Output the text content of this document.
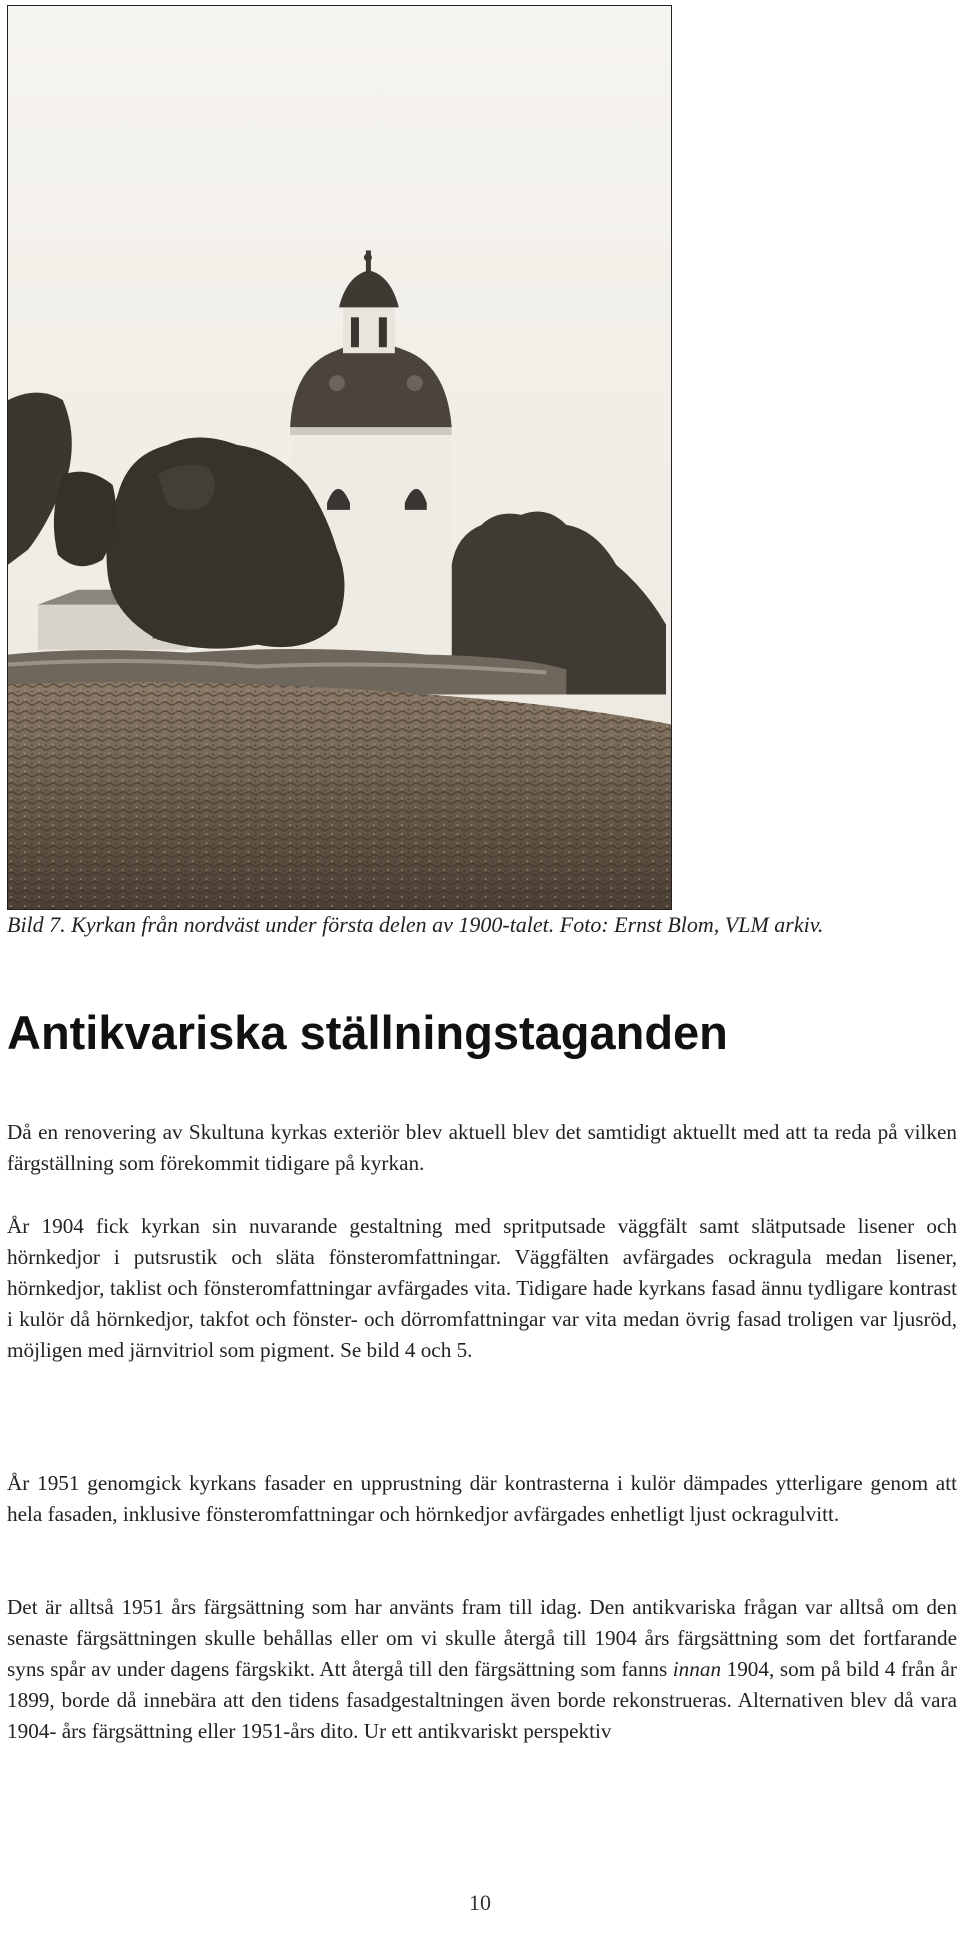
Bild 7. Kyrkan från nordväst under första delen av 1900-talet. Foto: Ernst Blom, VLM arkiv.
Antikvariska ställningstaganden

Då en renovering av Skultuna kyrkas exteriör blev aktuell blev det samtidigt aktuellt med att ta reda på vilken färgställning som förekommit tidigare på kyrkan.

År 1904 fick kyrkan sin nuvarande gestaltning med spritputsade väggfält samt slätputsade lisener och hörnkedjor i putsrustik och släta fönsteromfattningar. Väggfälten avfärgades ockragula medan lisener, hörnkedjor, taklist och fönsteromfattningar avfärgades vita. Tidigare hade kyrkans fasad ännu tydligare kontrast i kulör då hörnkedjor, takfot och fönster- och dörromfattningar var vita medan övrig fasad troligen var ljusröd, möjligen med järnvitriol som pigment. Se bild 4 och 5.

År 1951 genomgick kyrkans fasader en upprustning där kontrasterna i kulör dämpades ytterligare genom att hela fasaden, inklusive fönsteromfattningar och hörnkedjor avfärgades enhetligt ljust ockragulvitt.

Det är alltså 1951 års färgsättning som har använts fram till idag. Den antikvariska frågan var alltså om den senaste färgsättningen skulle behållas eller om vi skulle återgå till 1904 års färgsättning som det fortfarande syns spår av under dagens färgskikt. Att återgå till den färgsättning som fanns innan 1904, som på bild 4 från år 1899, borde då innebära att den tidens fasadgestaltningen även borde rekonstrueras. Alternativen blev då vara 1904- års färgsättning eller 1951-års dito. Ur ett antikvariskt perspektiv

10
